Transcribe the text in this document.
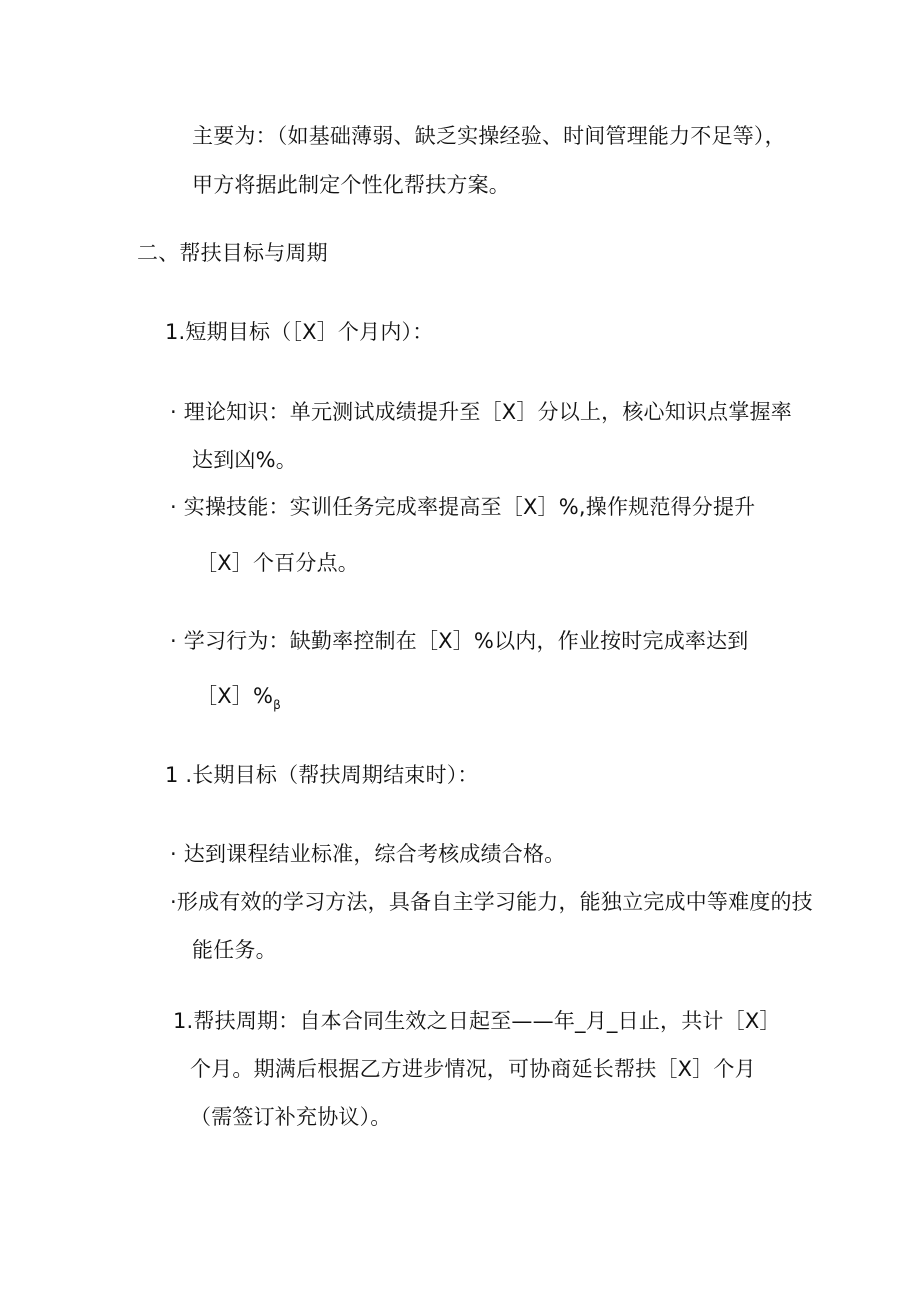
主要为：（如基础薄弱、缺乏实操经验、时间管理能力不足等），
甲方将据此制定个性化帮扶方案。
二、帮扶目标与周期
1.短期目标（［X］个月内）：
· 理论知识：单元测试成绩提升至［X］分以上，核心知识点掌握率
达到凶%。
· 实操技能：实训任务完成率提高至［X］%,操作规范得分提升
［X］个百分点。
· 学习行为：缺勤率控制在［X］%以内，作业按时完成率达到
$[X]\%_\beta$
1 .长期目标（帮扶周期结束时）：
· 达到课程结业标准，综合考核成绩合格。
·形成有效的学习方法，具备自主学习能力，能独立完成中等难度的技
能任务。
1.帮扶周期：自本合同生效之日起至——年_月_日止，共计［X］
个月。期满后根据乙方进步情况，可协商延长帮扶［X］个月
（需签订补充协议）。
